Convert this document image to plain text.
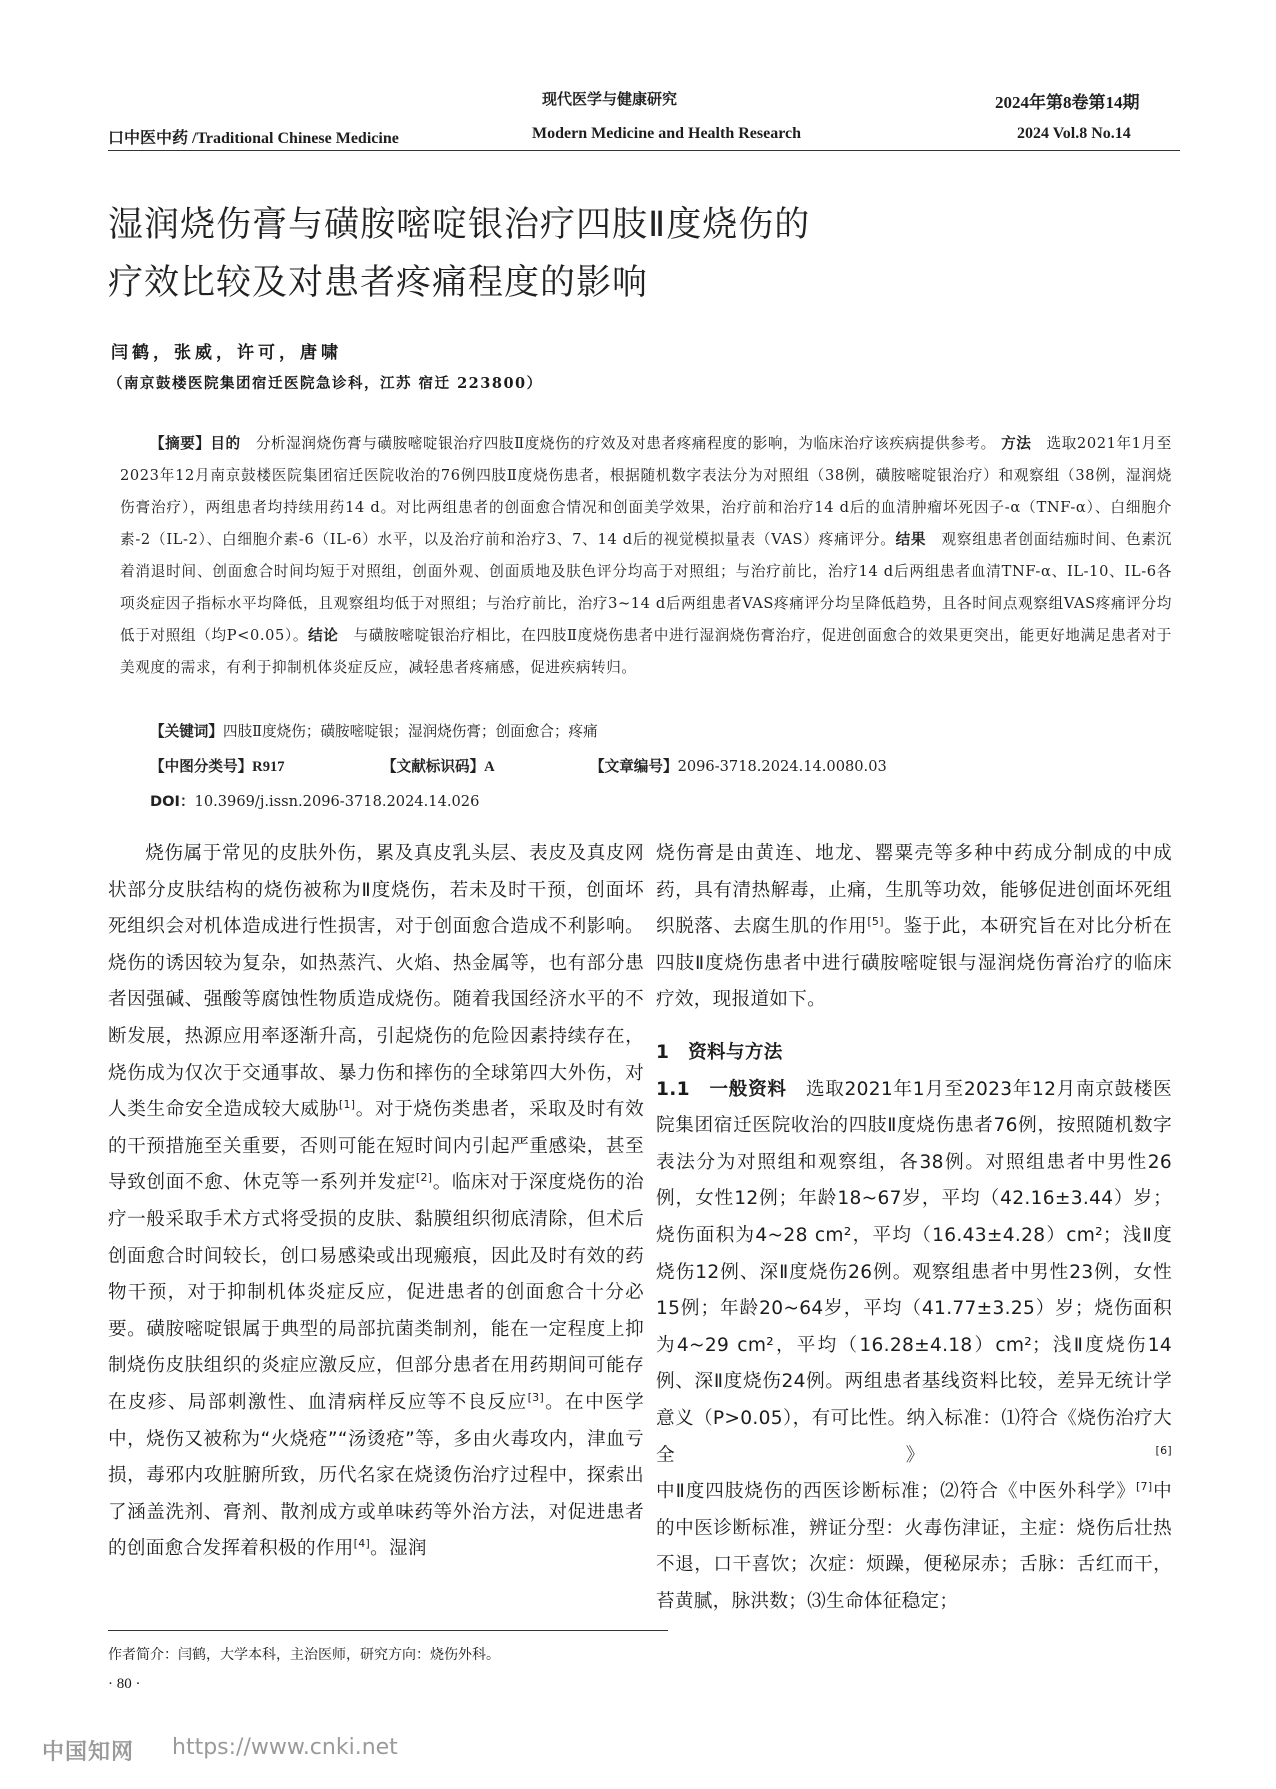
现代医学与健康研究	2024年第8卷第14期
口中医中药 /Traditional Chinese Medicine	Modern Medicine and Health Research	2024 Vol.8 No.14
湿润烧伤膏与磺胺嘧啶银治疗四肢Ⅱ度烧伤的
疗效比较及对患者疼痛程度的影响
闫鹤，张威，许可，唐啸
（南京鼓楼医院集团宿迁医院急诊科，江苏 宿迁 223800）
【摘要】目的　 分析湿润烧伤膏与磺胺嘧啶银治疗四肢Ⅱ度烧伤的疗效及对患者疼痛程度的影响，为临床治疗该疾病提供参考。 方法　 选取2021年1月至2023年12月南京鼓楼医院集团宿迁医院收治的76例四肢Ⅱ度烧伤患者，根据随机数字表法分为对照组（38例，磺胺嘧啶银治疗）和观察组（38例，湿润烧伤膏治疗），两组患者均持续用药14 d。对比两组患者的创面愈合情况和创面美学效果，治疗前和治疗14 d后的血清肿瘤坏死因子-α（TNF-α）、白细胞介素-2（IL-2）、白细胞介素-6（IL-6）水平，以及治疗前和治疗3、7、14 d后的视觉模拟量表（VAS）疼痛评分。结果　 观察组患者创面结痂时间、色素沉着消退时间、创面愈合时间均短于对照组，创面外观、创面质地及肤色评分均高于对照组；与治疗前比，治疗14 d后两组患者血清TNF-α、IL-10、IL-6各项炎症因子指标水平均降低，且观察组均低于对照组；与治疗前比，治疗3~14 d后两组患者VAS疼痛评分均呈降低趋势，且各时间点观察组VAS疼痛评分均低于对照组（均P<0.05）。结论　 与磺胺嘧啶银治疗相比，在四肢Ⅱ度烧伤患者中进行湿润烧伤膏治疗，促进创面愈合的效果更突出，能更好地满足患者对于美观度的需求，有利于抑制机体炎症反应，减轻患者疼痛感，促进疾病转归。
【关键词】四肢Ⅱ度烧伤；磺胺嘧啶银；湿润烧伤膏；创面愈合；疼痛
【中图分类号】R917	【文献标识码】A	【文章编号】2096-3718.2024.14.0080.03
DOI：10.3969/j.issn.2096-3718.2024.14.026

烧伤属于常见的皮肤外伤，累及真皮乳头层、表皮及真皮网状部分皮肤结构的烧伤被称为Ⅱ度烧伤，若未及时干预，创面坏死组织会对机体造成进行性损害，对于创面愈合造成不利影响。烧伤的诱因较为复杂，如热蒸汽、火焰、热金属等，也有部分患者因强碱、强酸等腐蚀性物质造成烧伤。随着我国经济水平的不断发展，热源应用率逐渐升高，引起烧伤的危险因素持续存在，烧伤成为仅次于交通事故、暴力伤和摔伤的全球第四大外伤，对人类生命安全造成较大威胁[1]。对于烧伤类患者，采取及时有效的干预措施至关重要，否则可能在短时间内引起严重感染，甚至导致创面不愈、休克等一系列并发症[2]。临床对于深度烧伤的治疗一般采取手术方式将受损的皮肤、黏膜组织彻底清除，但术后创面愈合时间较长，创口易感染或出现瘢痕，因此及时有效的药物干预，对于抑制机体炎症反应，促进患者的创面愈合十分必要。磺胺嘧啶银属于典型的局部抗菌类制剂，能在一定程度上抑制烧伤皮肤组织的炎症应激反应，但部分患者在用药期间可能存在皮疹、局部刺激性、血清病样反应等不良反应[3]。在中医学中，烧伤又被称为“火烧疮”“汤烫疮”等，多由火毒攻内，津血亏损，毒邪内攻脏腑所致，历代名家在烧烫伤治疗过程中，探索出了涵盖洗剂、膏剂、散剂成方或单味药等外治方法，对促进患者的创面愈合发挥着积极的作用[4]。湿润

烧伤膏是由黄连、地龙、罂粟壳等多种中药成分制成的中成药，具有清热解毒，止痛，生肌等功效，能够促进创面坏死组织脱落、去腐生肌的作用[5]。鉴于此，本研究旨在对比分析在四肢Ⅱ度烧伤患者中进行磺胺嘧啶银与湿润烧伤膏治疗的临床疗效，现报道如下。

1　资料与方法

1.1　一般资料　 选取2021年1月至2023年12月南京鼓楼医院集团宿迁医院收治的四肢Ⅱ度烧伤患者76例，按照随机数字表法分为对照组和观察组，各38例。对照组患者中男性26例，女性12例；年龄18~67岁，平均（42.16±3.44）岁；烧伤面积为4~28 cm²，平均（16.43±4.28）cm²；浅Ⅱ度烧伤12例、深Ⅱ度烧伤26例。观察组患者中男性23例，女性15例；年龄20~64岁，平均（41.77±3.25）岁；烧伤面积为4~29 cm²，平均（16.28±4.18）cm²；浅Ⅱ度烧伤14例、深Ⅱ度烧伤24例。两组患者基线资料比较，差异无统计学意义（P>0.05），有可比性。纳入标准：⑴符合《烧伤治疗大全》[6]中Ⅱ度四肢烧伤的西医诊断标准；⑵符合《中医外科学》[7]中的中医诊断标准，辨证分型：火毒伤津证，主症：烧伤后壮热不退，口干喜饮；次症：烦躁，便秘尿赤；舌脉：舌红而干，苔黄腻，脉洪数；⑶生命体征稳定；

作者简介：闫鹤，大学本科，主治医师，研究方向：烧伤外科。
· 80 ·
中国知网 https://www.cnki.net
